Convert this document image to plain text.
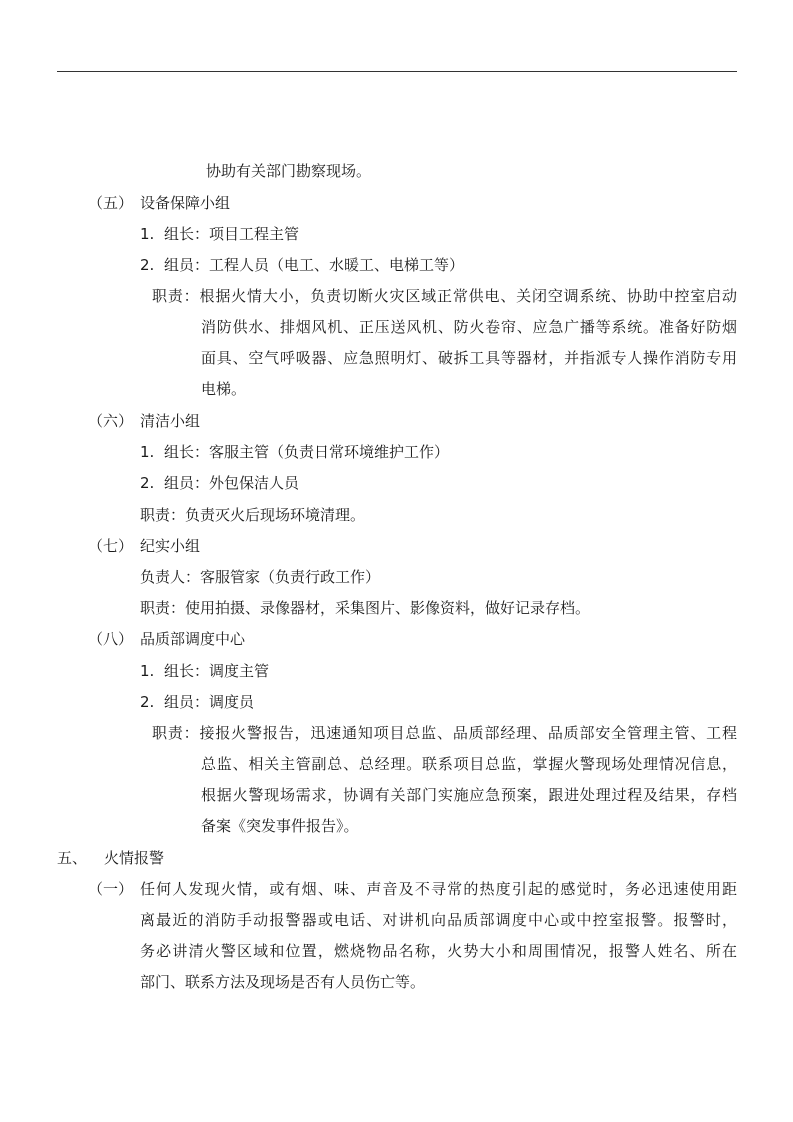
协助有关部门勘察现场。
（五） 设备保障小组
1. 组长：项目工程主管
2. 组员：工程人员（电工、水暖工、电梯工等）
职责：根据火情大小，负责切断火灾区域正常供电、关闭空调系统、协助中控室启动
消防供水、排烟风机、正压送风机、防火卷帘、应急广播等系统。准备好防烟
面具、空气呼吸器、应急照明灯、破拆工具等器材，并指派专人操作消防专用
电梯。
（六） 清洁小组
1. 组长：客服主管（负责日常环境维护工作）
2. 组员：外包保洁人员
职责：负责灭火后现场环境清理。
（七） 纪实小组
负责人：客服管家（负责行政工作）
职责：使用拍摄、录像器材，采集图片、影像资料，做好记录存档。
（八） 品质部调度中心
1. 组长：调度主管
2. 组员：调度员
职责：接报火警报告，迅速通知项目总监、品质部经理、品质部安全管理主管、工程
总监、相关主管副总、总经理。联系项目总监，掌握火警现场处理情况信息，
根据火警现场需求，协调有关部门实施应急预案，跟进处理过程及结果，存档
备案《突发事件报告》。
五、 火情报警
（一） 任何人发现火情，或有烟、味、声音及不寻常的热度引起的感觉时，务必迅速使用距
离最近的消防手动报警器或电话、对讲机向品质部调度中心或中控室报警。报警时，
务必讲清火警区域和位置，燃烧物品名称，火势大小和周围情况，报警人姓名、所在
部门、联系方法及现场是否有人员伤亡等。
